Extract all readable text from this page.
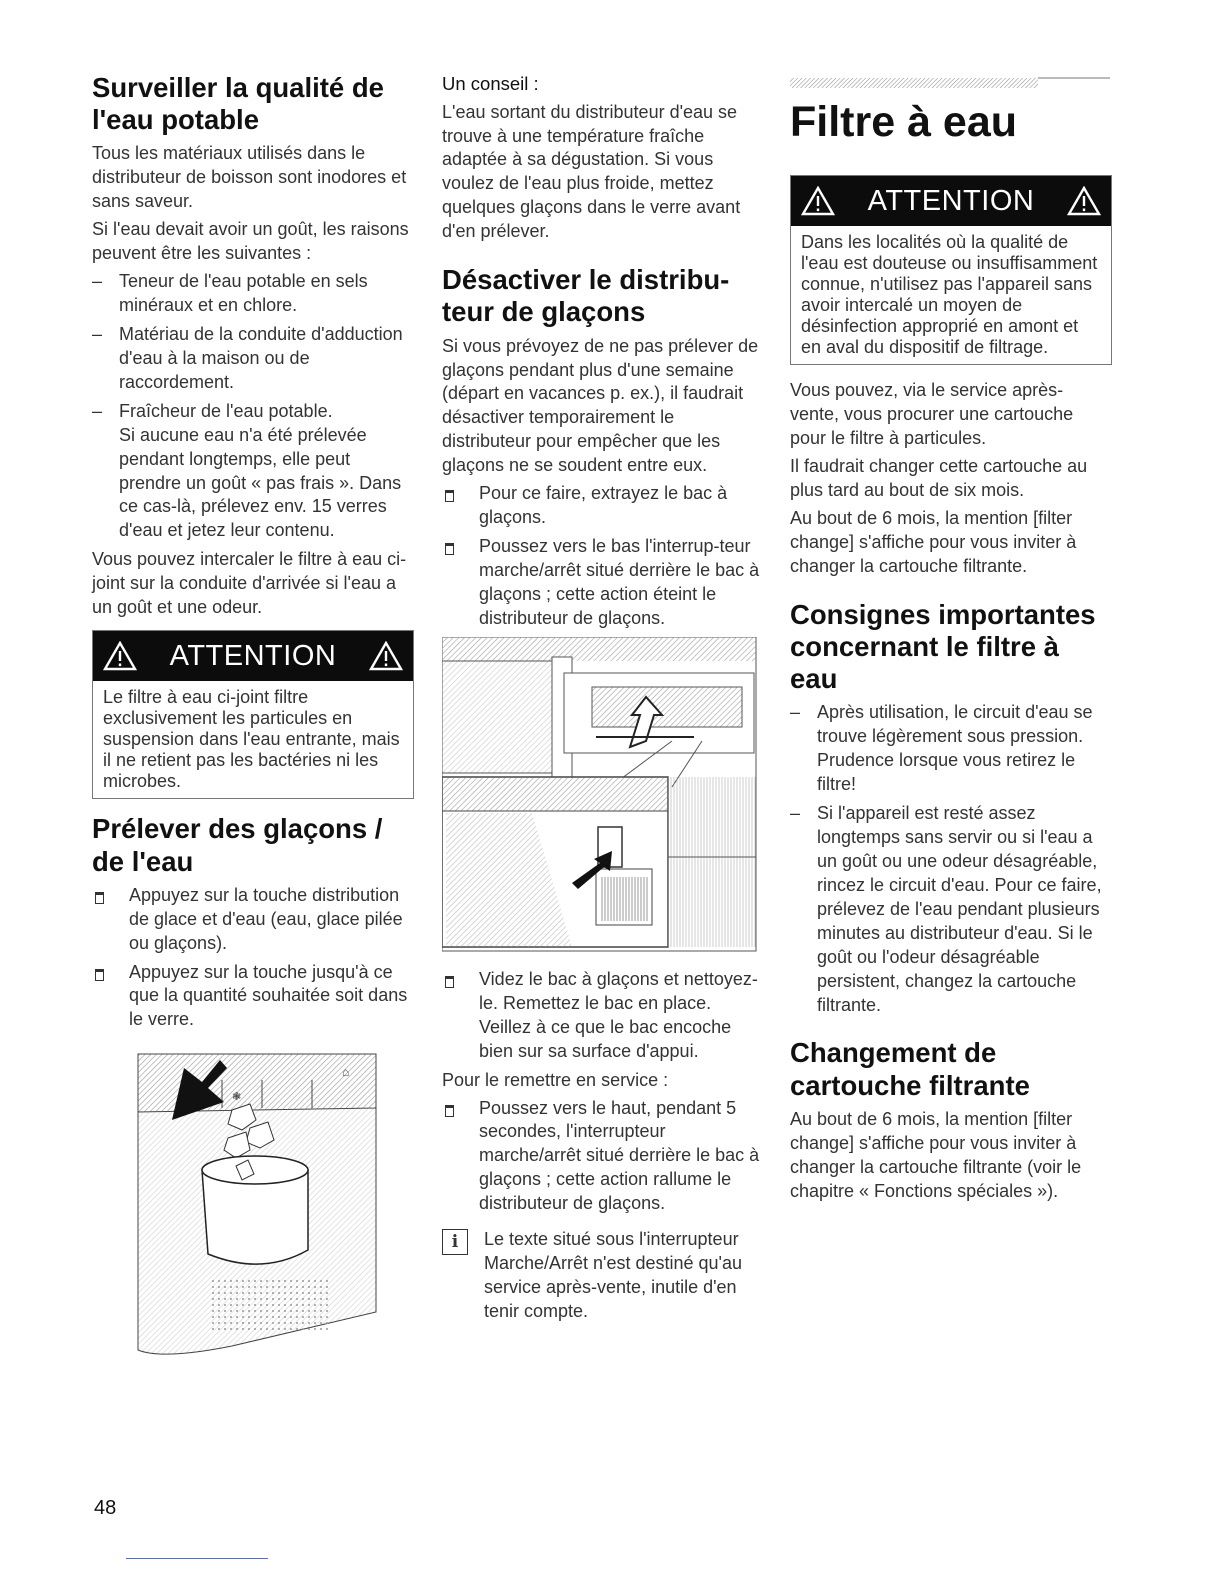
Surveiller la qualité de l'eau potable

Tous les matériaux utilisés dans le distributeur de boisson sont inodores et sans saveur.

Si l'eau devait avoir un goût, les raisons peuvent être les suivantes :

– Teneur de l'eau potable en sels minéraux et en chlore.
– Matériau de la conduite d'adduction d'eau à la maison ou de raccordement.
– Fraîcheur de l'eau potable.
Si aucune eau n'a été prélevée pendant longtemps, elle peut prendre un goût « pas frais ». Dans ce cas-là, prélevez env. 15 verres d'eau et jetez leur contenu.

Vous pouvez intercaler le filtre à eau ci-joint sur la conduite d'arrivée si l'eau a un goût et une odeur.

ATTENTION
Le filtre à eau ci-joint filtre exclusivement les particules en suspension dans l'eau entrante, mais il ne retient pas les bactéries ni les microbes.
Prélever des glaçons / de l'eau
Appuyez sur la touche distribution de glace et d'eau (eau, glace pilée ou glaçons).
Appuyez sur la touche jusqu'à ce que la quantité souhaitée soit dans le verre.
❃
⌂

Un conseil :

L'eau sortant du distributeur d'eau se trouve à une température fraîche adaptée à sa dégustation. Si vous voulez de l'eau plus froide, mettez quelques glaçons dans le verre avant d'en prélever.

Désactiver le distribu-teur de glaçons

Si vous prévoyez de ne pas prélever de glaçons pendant plus d'une semaine (départ en vacances p. ex.), il faudrait désactiver temporairement le distributeur pour empêcher que les glaçons ne se soudent entre eux.

Pour ce faire, extrayez le bac à glaçons.
Poussez vers le bas l'interrup-teur marche/arrêt situé derrière le bac à glaçons ; cette action éteint le distributeur de glaçons.
Videz le bac à glaçons et nettoyez-le. Remettez le bac en place. Veillez à ce que le bac encoche bien sur sa surface d'appui.

Pour le remettre en service :

Poussez vers le haut, pendant 5 secondes, l'interrupteur marche/arrêt situé derrière le bac à glaçons ; cette action rallume le distributeur de glaçons.
i	Le texte situé sous l'interrupteur Marche/Arrêt n'est destiné qu'au service après-vente, inutile d'en tenir compte.
Filtre à eau
ATTENTION
Dans les localités où la qualité de l'eau est douteuse ou insuffisamment connue, n'utilisez pas l'appareil sans avoir intercalé un moyen de désinfection approprié en amont et en aval du dispositif de filtrage.

Vous pouvez, via le service après-vente, vous procurer une cartouche pour le filtre à particules.

Il faudrait changer cette cartouche au plus tard au bout de six mois.

Au bout de 6 mois, la mention [filter change] s'affiche pour vous inviter à changer la cartouche filtrante.

Consignes importantes concernant le filtre à eau
– Après utilisation, le circuit d'eau se trouve légèrement sous pression. Prudence lorsque vous retirez le filtre!
– Si l'appareil est resté assez longtemps sans servir ou si l'eau a un goût ou une odeur désagréable, rincez le circuit d'eau. Pour ce faire, prélevez de l'eau pendant plusieurs minutes au distributeur d'eau. Si le goût ou l'odeur désagréable persistent, changez la cartouche filtrante.
Changement de cartouche filtrante

Au bout de 6 mois, la mention [filter change] s'affiche pour vous inviter à changer la cartouche filtrante (voir le chapitre « Fonctions spéciales »).

48
